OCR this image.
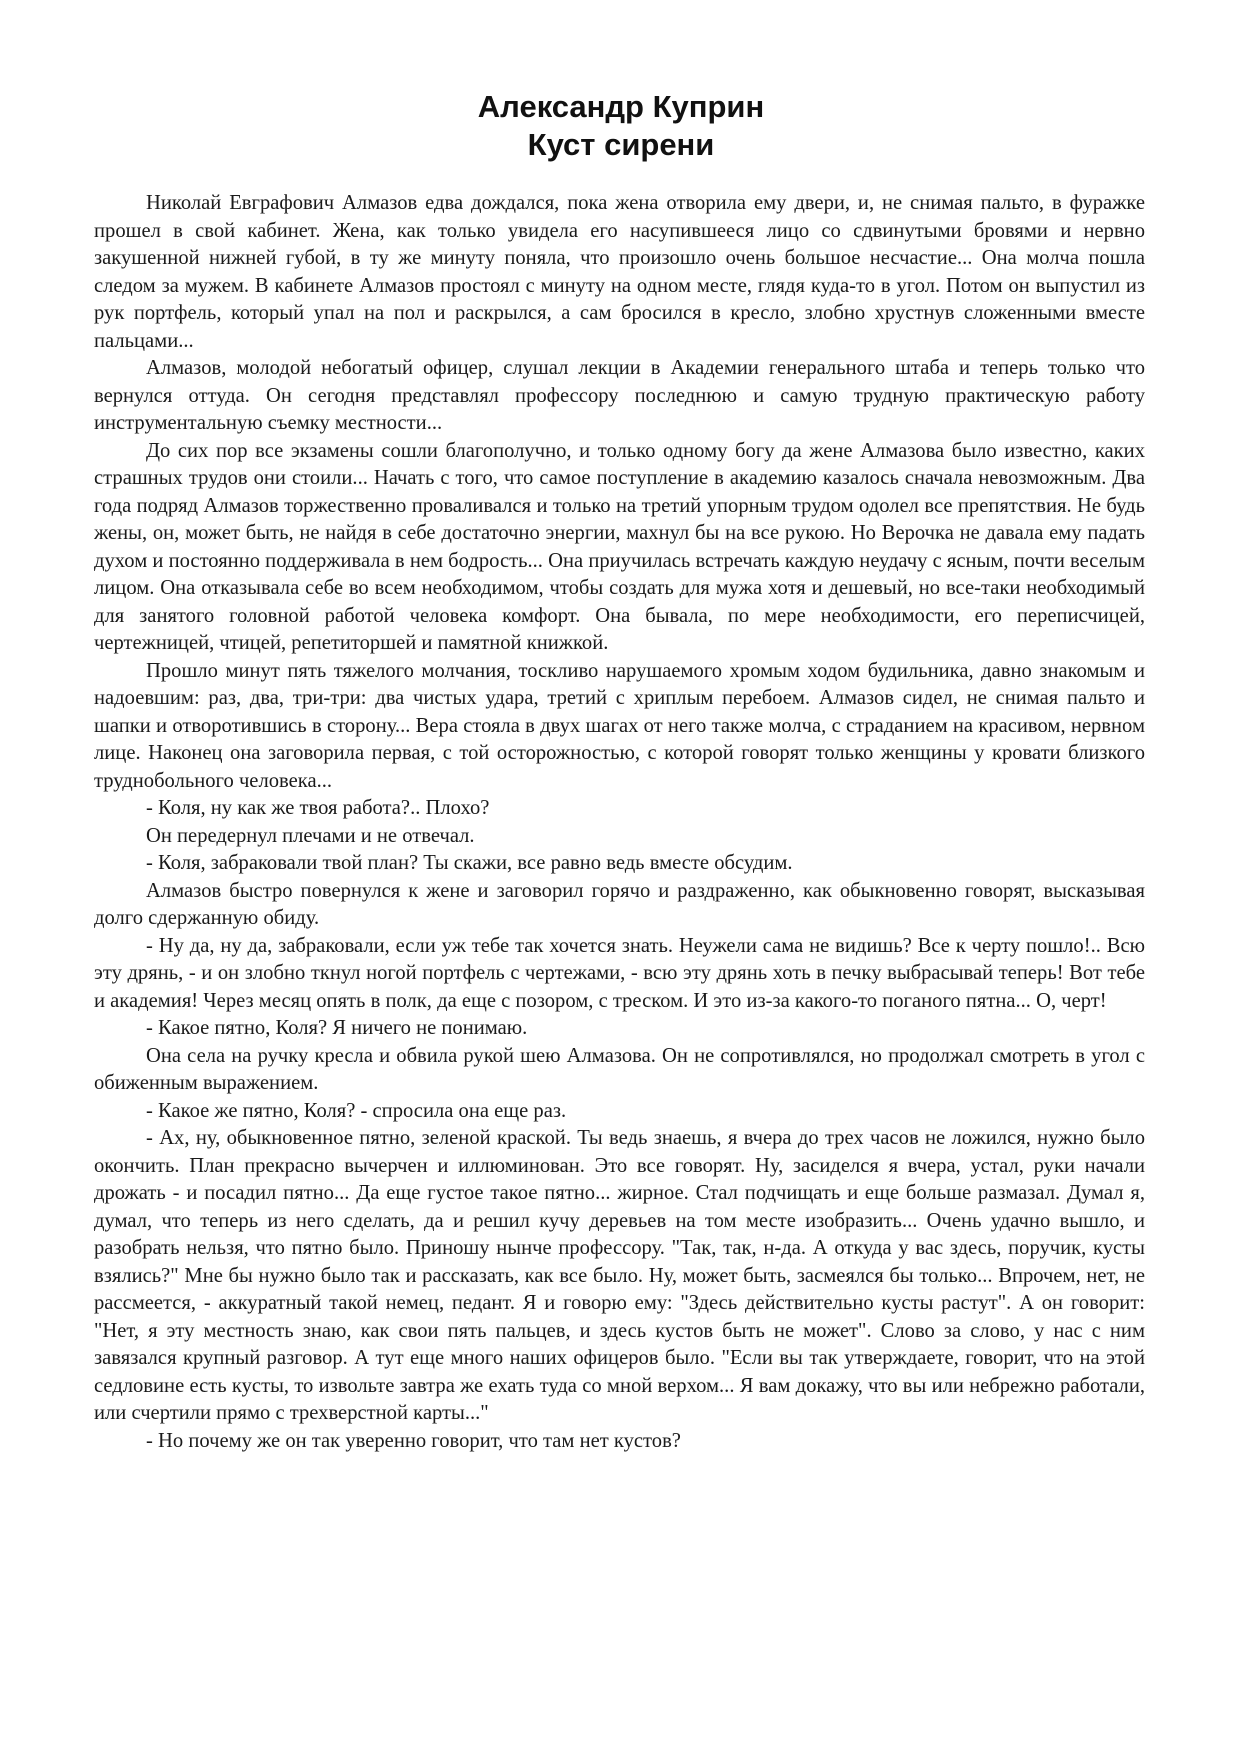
Александр Куприн
Куст сирени

Николай Евграфович Алмазов едва дождался, пока жена отворила ему двери, и, не снимая пальто, в фуражке прошел в свой кабинет. Жена, как только увидела его насупившееся лицо со сдвинутыми бровями и нервно закушенной нижней губой, в ту же минуту поняла, что произошло очень большое несчастие... Она молча пошла следом за мужем. В кабинете Алмазов простоял с минуту на одном месте, глядя куда-то в угол. Потом он выпустил из рук портфель, который упал на пол и раскрылся, а сам бросился в кресло, злобно хрустнув сложенными вместе пальцами...

Алмазов, молодой небогатый офицер, слушал лекции в Академии генерального штаба и теперь только что вернулся оттуда. Он сегодня представлял профессору последнюю и самую трудную практическую работу инструментальную съемку местности...

До сих пор все экзамены сошли благополучно, и только одному богу да жене Алмазова было известно, каких страшных трудов они стоили... Начать с того, что самое поступление в академию казалось сначала невозможным. Два года подряд Алмазов торжественно проваливался и только на третий упорным трудом одолел все препятствия. Не будь жены, он, может быть, не найдя в себе достаточно энергии, махнул бы на все рукою. Но Верочка не давала ему падать духом и постоянно поддерживала в нем бодрость... Она приучилась встречать каждую неудачу с ясным, почти веселым лицом. Она отказывала себе во всем необходимом, чтобы создать для мужа хотя и дешевый, но все-таки необходимый для занятого головной работой человека комфорт. Она бывала, по мере необходимости, его переписчицей, чертежницей, чтицей, репетиторшей и памятной книжкой.

Прошло минут пять тяжелого молчания, тоскливо нарушаемого хромым ходом будильника, давно знакомым и надоевшим: раз, два, три-три: два чистых удара, третий с хриплым перебоем. Алмазов сидел, не снимая пальто и шапки и отворотившись в сторону... Вера стояла в двух шагах от него также молча, с страданием на красивом, нервном лице. Наконец она заговорила первая, с той осторожностью, с которой говорят только женщины у кровати близкого труднобольного человека...

- Коля, ну как же твоя работа?.. Плохо?

Он передернул плечами и не отвечал.

- Коля, забраковали твой план? Ты скажи, все равно ведь вместе обсудим.

Алмазов быстро повернулся к жене и заговорил горячо и раздраженно, как обыкновенно говорят, высказывая долго сдержанную обиду.

- Ну да, ну да, забраковали, если уж тебе так хочется знать. Неужели сама не видишь? Все к черту пошло!.. Всю эту дрянь, - и он злобно ткнул ногой портфель с чертежами, - всю эту дрянь хоть в печку выбрасывай теперь! Вот тебе и академия! Через месяц опять в полк, да еще с позором, с треском. И это из-за какого-то поганого пятна... О, черт!

- Какое пятно, Коля? Я ничего не понимаю.

Она села на ручку кресла и обвила рукой шею Алмазова. Он не сопротивлялся, но продолжал смотреть в угол с обиженным выражением.

- Какое же пятно, Коля? - спросила она еще раз.

- Ах, ну, обыкновенное пятно, зеленой краской. Ты ведь знаешь, я вчера до трех часов не ложился, нужно было окончить. План прекрасно вычерчен и иллюминован. Это все говорят. Ну, засиделся я вчера, устал, руки начали дрожать - и посадил пятно... Да еще густое такое пятно... жирное. Стал подчищать и еще больше размазал. Думал я, думал, что теперь из него сделать, да и решил кучу деревьев на том месте изобразить... Очень удачно вышло, и разобрать нельзя, что пятно было. Приношу нынче профессору. "Так, так, н-да. А откуда у вас здесь, поручик, кусты взялись?" Мне бы нужно было так и рассказать, как все было. Ну, может быть, засмеялся бы только... Впрочем, нет, не рассмеется, - аккуратный такой немец, педант. Я и говорю ему: "Здесь действительно кусты растут". А он говорит: "Нет, я эту местность знаю, как свои пять пальцев, и здесь кустов быть не может". Слово за слово, у нас с ним завязался крупный разговор. А тут еще много наших офицеров было. "Если вы так утверждаете, говорит, что на этой седловине есть кусты, то извольте завтра же ехать туда со мной верхом... Я вам докажу, что вы или небрежно работали, или счертили прямо с трехверстной карты..."

- Но почему же он так уверенно говорит, что там нет кустов?
